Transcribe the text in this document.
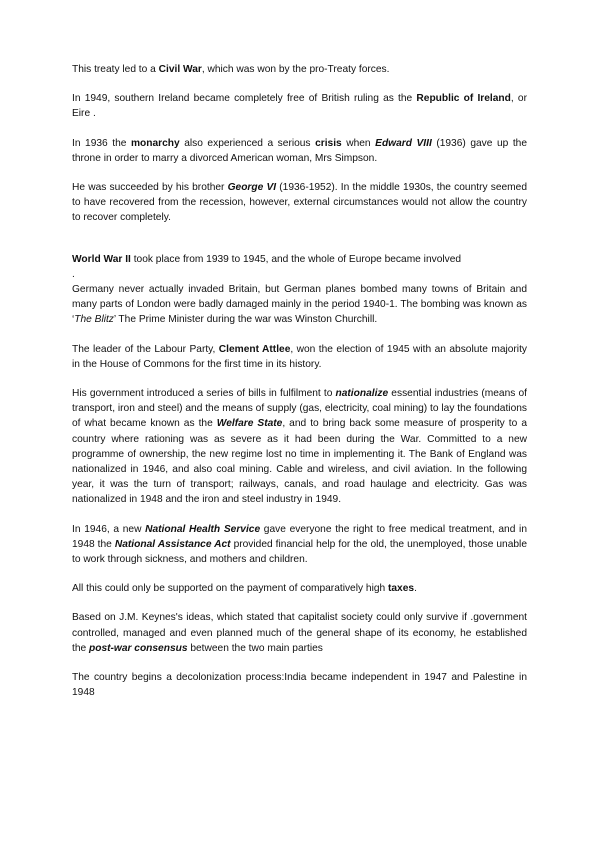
This treaty led to a Civil War, which was won by the pro-Treaty forces.

In 1949, southern Ireland became completely free of British ruling as the Republic of Ireland, or Eire .

In 1936 the monarchy also experienced a serious crisis when Edward VIII (1936) gave up the throne in order to marry a divorced American woman, Mrs Simpson.

He was succeeded by his brother George VI (1936-1952). In the middle 1930s, the country seemed to have recovered from the recession, however, external circumstances would not allow the country to recover completely.

World War II took place from 1939 to 1945, and the whole of Europe became involved

.

Germany never actually invaded Britain, but German planes bombed many towns of Britain and many parts of London were badly damaged mainly in the period 1940-1. The bombing was known as ‘The Blitz’ The Prime Minister during the war was Winston Churchill.

The leader of the Labour Party, Clement Attlee, won the election of 1945 with an absolute majority in the House of Commons for the first time in its history.

His government introduced a series of bills in fulfilment to nationalize essential industries (means of transport, iron and steel) and the means of supply (gas, electricity, coal mining) to lay the foundations of what became known as the Welfare State, and to bring back some measure of prosperity to a country where rationing was as severe as it had been during the War. Committed to a new programme of ownership, the new regime lost no time in implementing it. The Bank of England was nationalized in 1946, and also coal mining. Cable and wireless, and civil aviation. In the following year, it was the turn of transport; railways, canals, and road haulage and electricity. Gas was nationalized in 1948 and the iron and steel industry in 1949.

In 1946, a new National Health Service gave everyone the right to free medical treatment, and in 1948 the National Assistance Act provided financial help for the old, the unemployed, those unable to work through sickness, and mothers and children.

All this could only be supported on the payment of comparatively high taxes.

Based on J.M. Keynes's ideas, which stated that capitalist society could only survive if .government controlled, managed and even planned much of the general shape of its economy, he established the post-war consensus between the two main parties

The country begins a decolonization process:India became independent in 1947 and Palestine in 1948
